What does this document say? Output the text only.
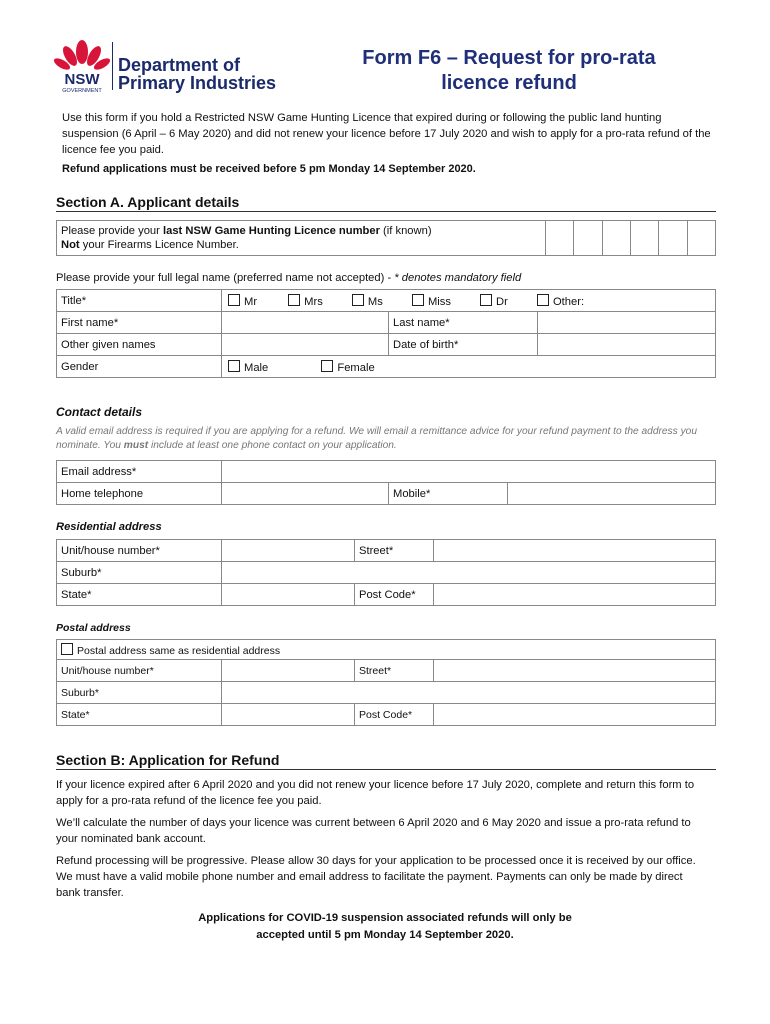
NSW
GOVERNMENT
Department of
Primary Industries
Form F6 – Request for pro-rata
licence refund
Use this form if you hold a Restricted NSW Game Hunting Licence that expired during or following the public land hunting suspension (6 April – 6 May 2020) and did not renew your licence before 17 July 2020 and wish to apply for a pro-rata refund of the licence fee you paid.
Refund applications must be received before 5 pm Monday 14 September 2020.
Section A. Applicant details
Please provide your last NSW Game Hunting Licence number (if known)
Not your Firearms Licence Number.						
Please provide your full legal name (preferred name not accepted) - * denotes mandatory field
Title*	Mr Mrs Ms Miss Dr Other:		
First name*		Last name*	
Other given names		Date of birth*	
Gender	Male Female		
Contact details
A valid email address is required if you are applying for a refund. We will email a remittance advice for your refund payment to the address you nominate. You must include at least one phone contact on your application.
Email address*			
Home telephone		Mobile*	
Residential address
Unit/house number*		Street*	
Suburb*			
State*		Post Code*	
Postal address
Postal address same as residential address			
Unit/house number*		Street*	
Suburb*			
State*		Post Code*	
Section B: Application for Refund
If your licence expired after 6 April 2020 and you did not renew your licence before 17 July 2020, complete and return this form to apply for a pro-rata refund of the licence fee you paid.
We’ll calculate the number of days your licence was current between 6 April 2020 and 6 May 2020 and issue a pro-rata refund to your nominated bank account.
Refund processing will be progressive. Please allow 30 days for your application to be processed once it is received by our office. We must have a valid mobile phone number and email address to facilitate the payment. Payments can only be made by direct bank transfer.
Applications for COVID-19 suspension associated refunds will only be
accepted until 5 pm Monday 14 September 2020.
